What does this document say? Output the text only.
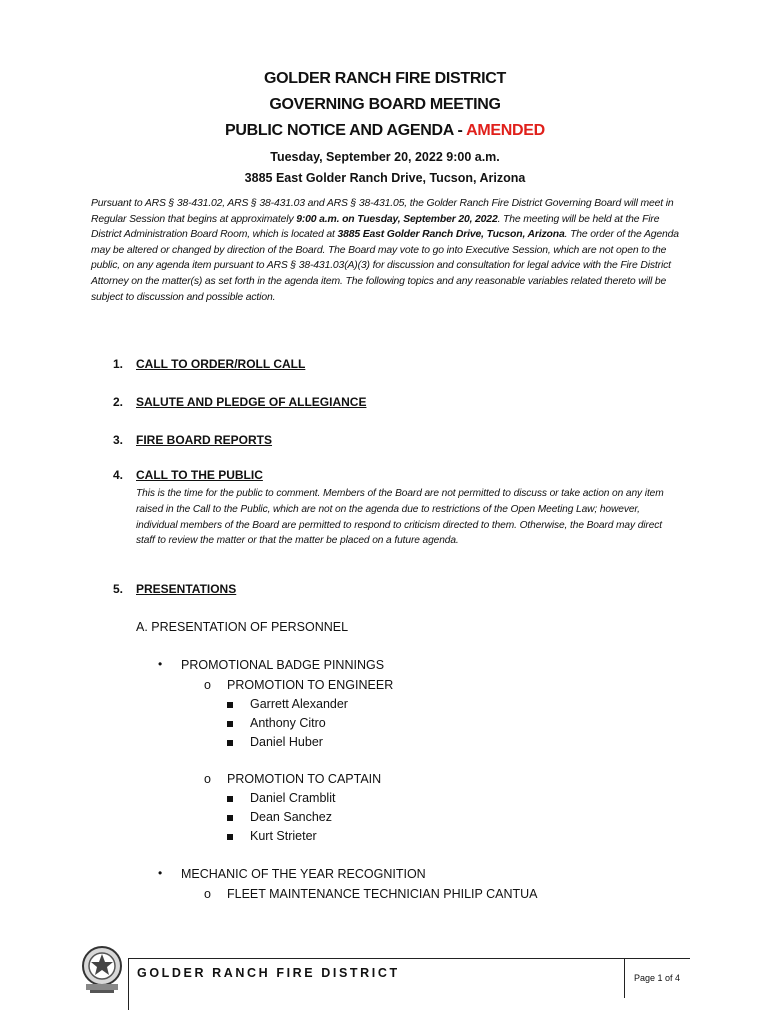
GOLDER RANCH FIRE DISTRICT
GOVERNING BOARD MEETING
PUBLIC NOTICE AND AGENDA - AMENDED
Tuesday, September 20, 2022 9:00 a.m.
3885 East Golder Ranch Drive, Tucson, Arizona
Pursuant to ARS § 38-431.02, ARS § 38-431.03 and ARS § 38-431.05, the Golder Ranch Fire District Governing Board will meet in Regular Session that begins at approximately 9:00 a.m. on Tuesday, September 20, 2022. The meeting will be held at the Fire District Administration Board Room, which is located at 3885 East Golder Ranch Drive, Tucson, Arizona. The order of the Agenda may be altered or changed by direction of the Board. The Board may vote to go into Executive Session, which are not open to the public, on any agenda item pursuant to ARS § 38-431.03(A)(3) for discussion and consultation for legal advice with the Fire District Attorney on the matter(s) as set forth in the agenda item. The following topics and any reasonable variables related thereto will be subject to discussion and possible action.
1. CALL TO ORDER/ROLL CALL
2. SALUTE AND PLEDGE OF ALLEGIANCE
3. FIRE BOARD REPORTS
4. CALL TO THE PUBLIC
This is the time for the public to comment. Members of the Board are not permitted to discuss or take action on any item raised in the Call to the Public, which are not on the agenda due to restrictions of the Open Meeting Law; however, individual members of the Board are permitted to respond to criticism directed to them. Otherwise, the Board may direct staff to review the matter or that the matter be placed on a future agenda.
5. PRESENTATIONS
A. PRESENTATION OF PERSONNEL
• PROMOTIONAL BADGE PINNINGS
o PROMOTION TO ENGINEER
Garrett Alexander
Anthony Citro
Daniel Huber
o PROMOTION TO CAPTAIN
Daniel Cramblit
Dean Sanchez
Kurt Strieter
• MECHANIC OF THE YEAR RECOGNITION
o FLEET MAINTENANCE TECHNICIAN PHILIP CANTUA
GOLDER RANCH FIRE DISTRICT	Page 1 of 4
